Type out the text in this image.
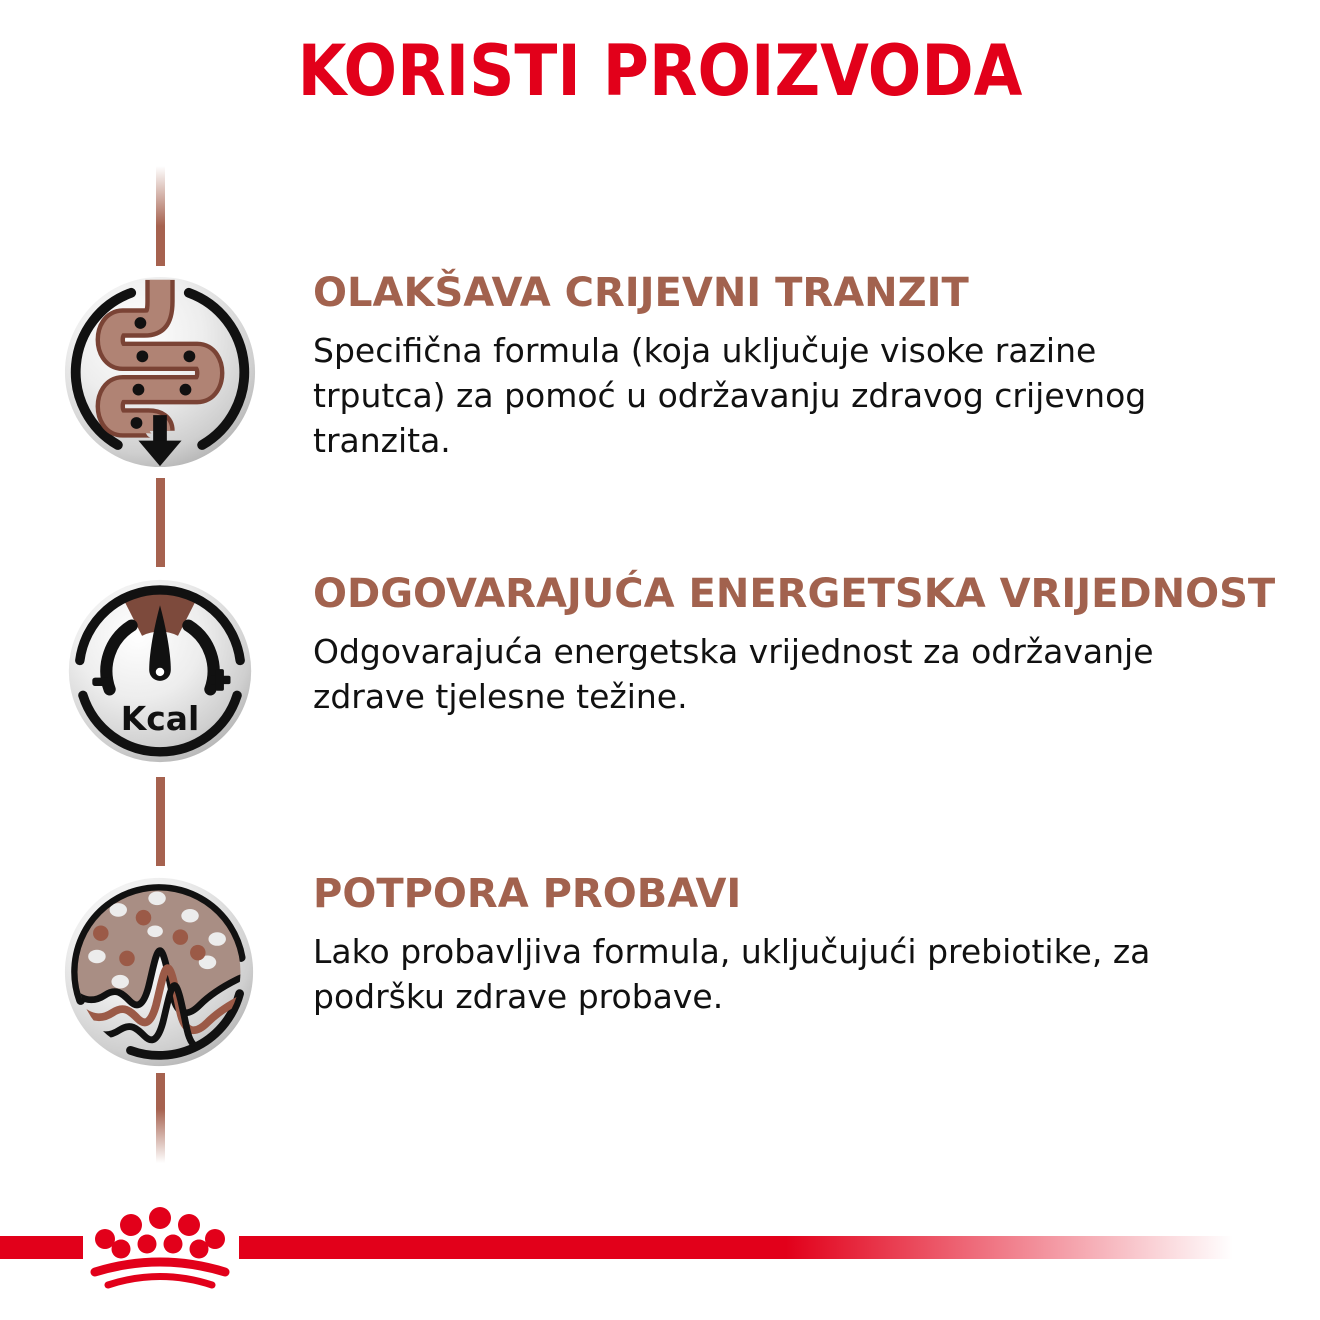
KORISTI PROIZVODA
Kcal
OLAKŠAVA CRIJEVNI TRANZIT

Specifična formula (koja uključuje visoke razine trputca) za pomoć u održavanju zdravog crijevnog tranzita.

ODGOVARAJUĆA ENERGETSKA VRIJEDNOST

Odgovarajuća energetska vrijednost za održavanje zdrave tjelesne težine.

POTPORA PROBAVI

Lako probavljiva formula, uključujući prebiotike, za podršku zdrave probave.
